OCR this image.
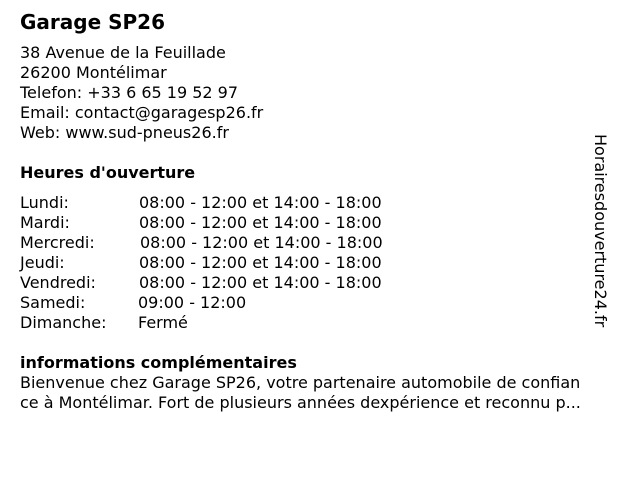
Garage SP26
38 Avenue de la Feuillade
26200 Montélimar
Telefon: +33 6 65 19 52 97
Email: contact@garagesp26.fr
Web: www.sud-pneus26.fr
Heures d'ouverture
Lundi:	08:00 - 12:00 et 14:00 - 18:00
Mardi:	08:00 - 12:00 et 14:00 - 18:00
Mercredi:	08:00 - 12:00 et 14:00 - 18:00
Jeudi:	08:00 - 12:00 et 14:00 - 18:00
Vendredi:	08:00 - 12:00 et 14:00 - 18:00
Samedi:	09:00 - 12:00
Dimanche: Fermé
informations complémentaires
Bienvenue chez Garage SP26, votre partenaire automobile de confian
ce à Montélimar. Fort de plusieurs années dexpérience et reconnu p...
Horairesdouverture24.fr
